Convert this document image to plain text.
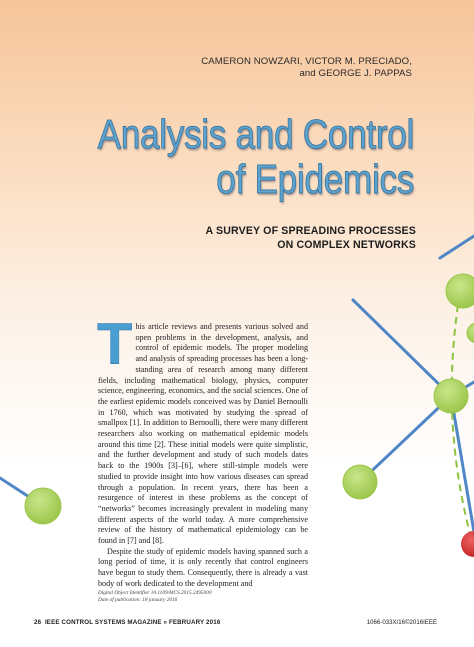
CAMERON NOWZARI, VICTOR M. PRECIADO,
and GEORGE J. PAPPAS
Analysis and Control
of Epidemics
A SURVEY OF SPREADING PROCESSES
ON COMPLEX NETWORKS

This article reviews and presents various solved and open problems in the development, analysis, and control of epidemic models. The proper modeling and analysis of spreading processes has been a long-standing area of research among many different fields, including mathematical biology, physics, computer science, engineering, economics, and the social sciences. One of the earliest epidemic models conceived was by Daniel Bernoulli in 1760, which was motivated by studying the spread of smallpox [1]. In addition to Bernoulli, there were many different researchers also working on mathematical epidemic models around this time [2]. These initial models were quite simplistic, and the further development and study of such models dates back to the 1900s [3]–[6], where still-simple models were studied to provide insight into how various diseases can spread through a population. In recent years, there has been a resurgence of interest in these problems as the concept of “networks” becomes increasingly prevalent in modeling many different aspects of the world today. A more comprehensive review of the history of mathematical epidemiology can be found in [7] and [8].

Despite the study of epidemic models having spanned such a long period of time, it is only recently that control engineers have begun to study them. Consequently, there is already a vast body of work dedicated to the development and

Digital Object Identifier 10.1109/MCS.2015.2495000
Date of publication: 18 january 2016
26 IEEE CONTROL SYSTEMS MAGAZINE » FEBRUARY 2016	1066-033X/16©2016IEEE
